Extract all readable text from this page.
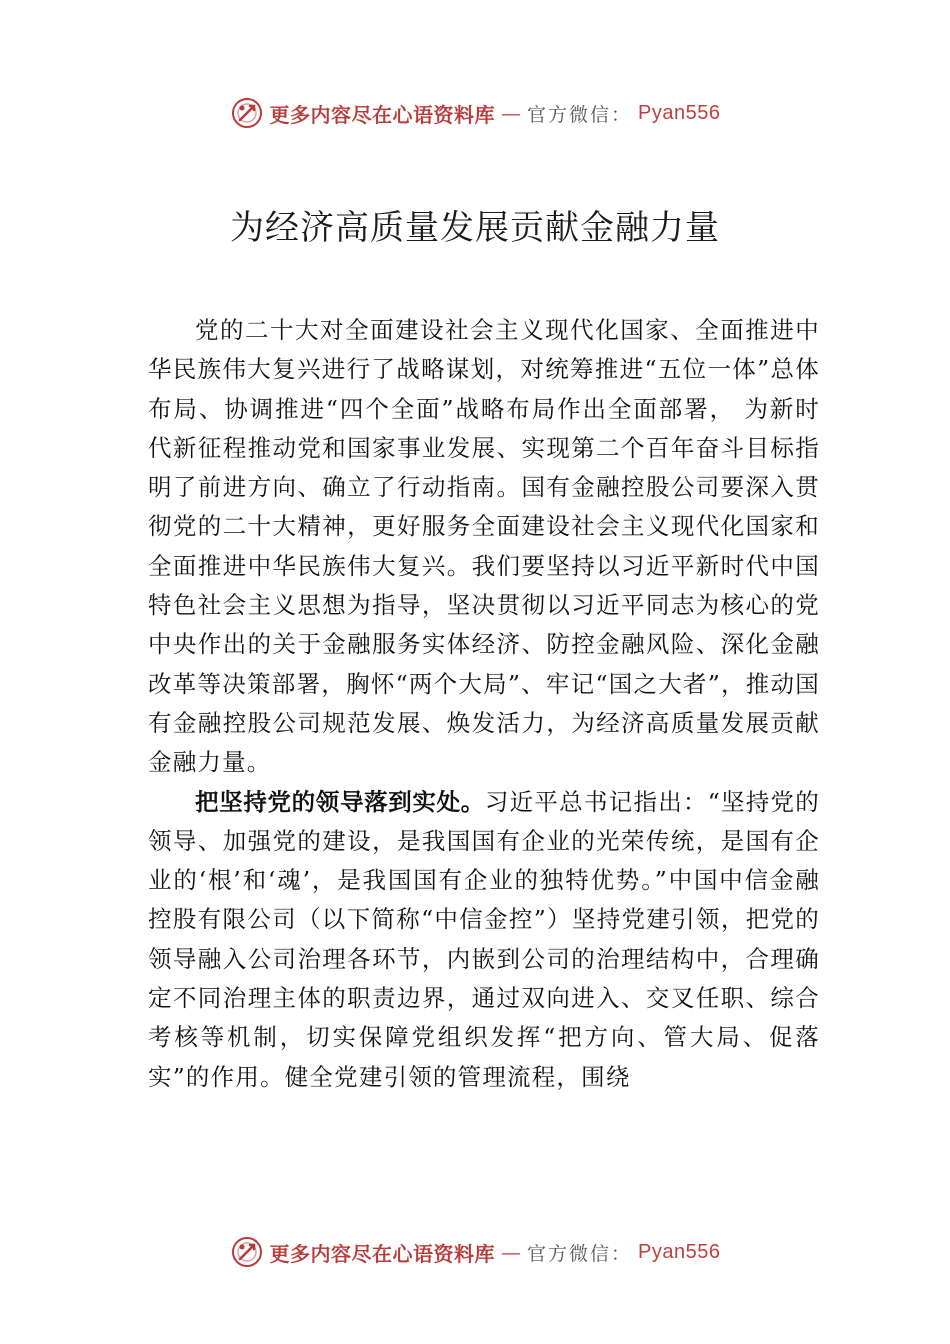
更多内容尽在心语资料库 — 官方微信： Pyan556
为经济高质量发展贡献金融力量

党的二十大对全面建设社会主义现代化国家、全面推进中华民族伟大复兴进行了战略谋划，对统筹推进“五位一体”总体布局、协调推进“四个全面”战略布局作出全面部署， 为新时代新征程推动党和国家事业发展、实现第二个百年奋斗目标指明了前进方向、确立了行动指南。国有金融控股公司要深入贯彻党的二十大精神，更好服务全面建设社会主义现代化国家和全面推进中华民族伟大复兴。我们要坚持以习近平新时代中国特色社会主义思想为指导，坚决贯彻以习近平同志为核心的党中央作出的关于金融服务实体经济、防控金融风险、深化金融改革等决策部署，胸怀“两个大局”、牢记“国之大者”，推动国有金融控股公司规范发展、焕发活力，为经济高质量发展贡献金融力量。

把坚持党的领导落到实处。习近平总书记指出：“坚持党的领导、加强党的建设，是我国国有企业的光荣传统，是国有企业的‘根’和‘魂’，是我国国有企业的独特优势。”中国中信金融控股有限公司（以下简称“中信金控”）坚持党建引领，把党的领导融入公司治理各环节，内嵌到公司的治理结构中，合理确定不同治理主体的职责边界，通过双向进入、交叉任职、综合考核等机制，切实保障党组织发挥“把方向、管大局、促落实”的作用。健全党建引领的管理流程，围绕

更多内容尽在心语资料库 — 官方微信： Pyan556
